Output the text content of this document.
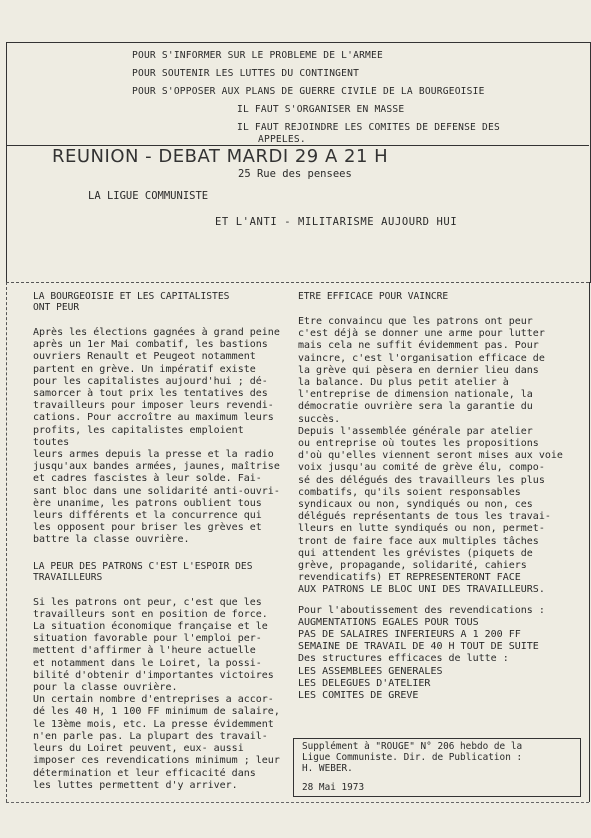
POUR S'INFORMER SUR LE PROBLEME DE L'ARMEE
POUR SOUTENIR LES LUTTES DU CONTINGENT
POUR S'OPPOSER AUX PLANS DE GUERRE CIVILE DE LA BOURGEOISIE
IL FAUT S'ORGANISER EN MASSE
IL FAUT REJOINDRE LES COMITES DE DEFENSE DES
APPELES.
REUNION - DEBAT MARDI 29 A 21 H
25 Rue des pensees
LA LIGUE COMMUNISTE
ET L'ANTI - MILITARISME AUJOURD HUI

LA BOURGEOISIE ET LES CAPITALISTES
ONT PEUR

Après les élections gagnées à grand peine
après un 1er Mai combatif, les bastions
ouvriers Renault et Peugeot notamment
partent en grève. Un impératif existe
pour les capitalistes aujourd'hui ; dé-
samorcer à tout prix les tentatives des
travailleurs pour imposer leurs revendi-
cations. Pour accroître au maximum leurs
profits, les capitalistes emploient toutes
leurs armes depuis la presse et la radio
jusqu'aux bandes armées, jaunes, maîtrise
et cadres fascistes à leur solde. Fai-
sant bloc dans une solidarité anti-ouvri-
ère unanime, les patrons oublient tous
leurs différents et la concurrence qui
les opposent pour briser les grèves et
battre la classe ouvrière.

LA PEUR DES PATRONS C'EST L'ESPOIR DES
TRAVAILLEURS

Si les patrons ont peur, c'est que les
travailleurs sont en position de force.
La situation économique française et le
situation favorable pour l'emploi per-
mettent d'affirmer à l'heure actuelle
et notamment dans le Loiret, la possi-
bilité d'obtenir d'importantes victoires
pour la classe ouvrière.
Un certain nombre d'entreprises a accor-
dé les 40 H, 1 100 FF minimum de salaire,
le 13ème mois, etc. La presse évidemment
n'en parle pas. La plupart des travail-
leurs du Loiret peuvent, eux- aussi
imposer ces revendications minimum ; leur
détermination et leur efficacité dans
les luttes permettent d'y arriver.

ETRE EFFICACE POUR VAINCRE

Etre convaincu que les patrons ont peur
c'est déjà se donner une arme pour lutter
mais cela ne suffit évidemment pas. Pour
vaincre, c'est l'organisation efficace de
la grève qui pèsera en dernier lieu dans
la balance. Du plus petit atelier à
l'entreprise de dimension nationale, la
démocratie ouvrière sera la garantie du
succès.
Depuis l'assemblée générale par atelier
ou entreprise où toutes les propositions
d'où qu'elles viennent seront mises aux voie
voix jusqu'au comité de grève élu, compo-
sé des délégués des travailleurs les plus
combatifs, qu'ils soient responsables
syndicaux ou non, syndiqués ou non, ces
délégués représentants de tous les travai-
lleurs en lutte syndiqués ou non, permet-
tront de faire face aux multiples tâches
qui attendent les grévistes (piquets de
grève, propagande, solidarité, cahiers
revendicatifs) ET REPRESENTERONT FACE
AUX PATRONS LE BLOC UNI DES TRAVAILLEURS.

Pour l'aboutissement des revendications :

AUGMENTATIONS EGALES POUR TOUS

PAS DE SALAIRES INFERIEURS A 1 200 FF

SEMAINE DE TRAVAIL DE 40 H TOUT DE SUITE

Des structures efficaces de lutte :

LES ASSEMBLEES GENERALES

LES DELEGUES D'ATELIER

LES COMITES DE GREVE

Supplément à "ROUGE" N° 206 hebdo de la
Ligue Communiste. Dir. de Publication :
H. WEBER.

28 Mai 1973
